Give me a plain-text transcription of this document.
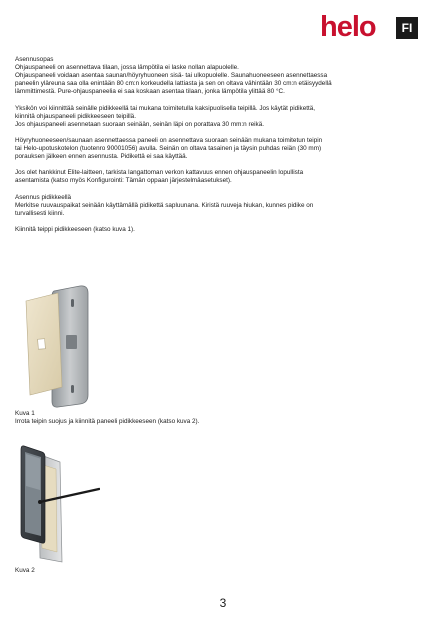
helo	FI

Asennusopas
Ohjauspaneeli on asennettava tilaan, jossa lämpötila ei laske nollan alapuolelle.
Ohjauspaneeli voidaan asentaa saunan/höyryhuoneen sisä- tai ulkopuolelle. Saunahuoneeseen asennettaessa
paneelin yläreuna saa olla enintään 80 cm:n korkeudella lattiasta ja sen on oltava vähintään 30 cm:n etäisyydellä
lämmittimestä. Pure-ohjauspaneelia ei saa koskaan asentaa tilaan, jonka lämpötila ylittää 80 °C.

Yksikön voi kiinnittää seinälle pidikkeellä tai mukana toimitetulla kaksipuolisella teipillä. Jos käytät pidikettä,
kiinnitä ohjauspaneeli pidikkeeseen teipillä.
Jos ohjauspaneeli asennetaan suoraan seinään, seinän läpi on porattava 30 mm:n reikä.

Höyryhuoneeseen/saunaan asennettaessa paneeli on asennettava suoraan seinään mukana toimitetun teipin
tai Helo-upotuskotelon (tuotenro 90001056) avulla. Seinän on oltava tasainen ja täysin puhdas reiän (30 mm)
porauksen jälkeen ennen asennusta. Pidikettä ei saa käyttää.

Jos olet hankkinut Elite-laitteen, tarkista langattoman verkon kattavuus ennen ohjauspaneelin lopullista
asentamista (katso myös Konfigurointi: Tämän oppaan järjestelmäasetukset).

Asennus pidikkeellä
Merkitse ruuvauspaikat seinään käyttämällä pidikettä sapluunana. Kiristä ruuveja hiukan, kunnes pidike on
turvallisesti kiinni.

Kiinnitä teippi pidikkeeseen (katso kuva 1).

Kuva 1
Irrota teipin suojus ja kiinnitä paneeli pidikkeeseen (katso kuva 2).
Kuva 2
3
